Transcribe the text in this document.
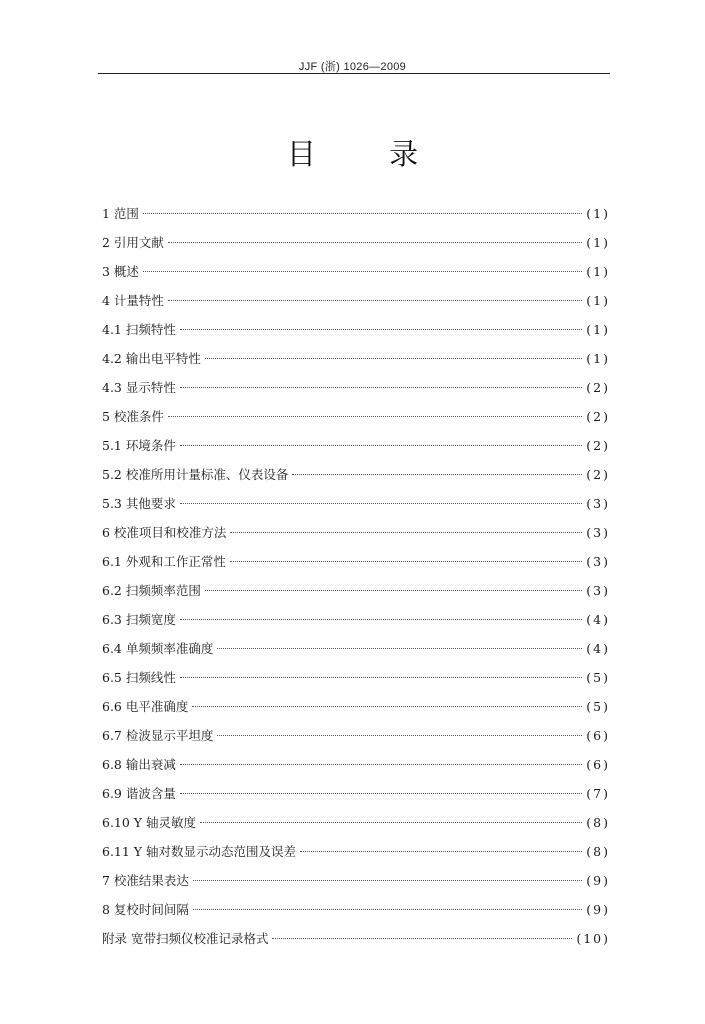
JJF (浙) 1026—2009
目 录
1 范围	(1)
2 引用文献	(1)
3 概述	(1)
4 计量特性	(1)
4.1 扫频特性	(1)
4.2 输出电平特性	(1)
4.3 显示特性	(2)
5 校准条件	(2)
5.1 环境条件	(2)
5.2 校准所用计量标准、仪表设备	(2)
5.3 其他要求	(3)
6 校准项目和校准方法	(3)
6.1 外观和工作正常性	(3)
6.2 扫频频率范围	(3)
6.3 扫频宽度	(4)
6.4 单频频率准确度	(4)
6.5 扫频线性	(5)
6.6 电平准确度	(5)
6.7 检波显示平坦度	(6)
6.8 输出衰减	(6)
6.9 谐波含量	(7)
6.10 Y 轴灵敏度	(8)
6.11 Y 轴对数显示动态范围及误差	(8)
7 校准结果表达	(9)
8 复校时间间隔	(9)
附录 宽带扫频仪校准记录格式	(10)
